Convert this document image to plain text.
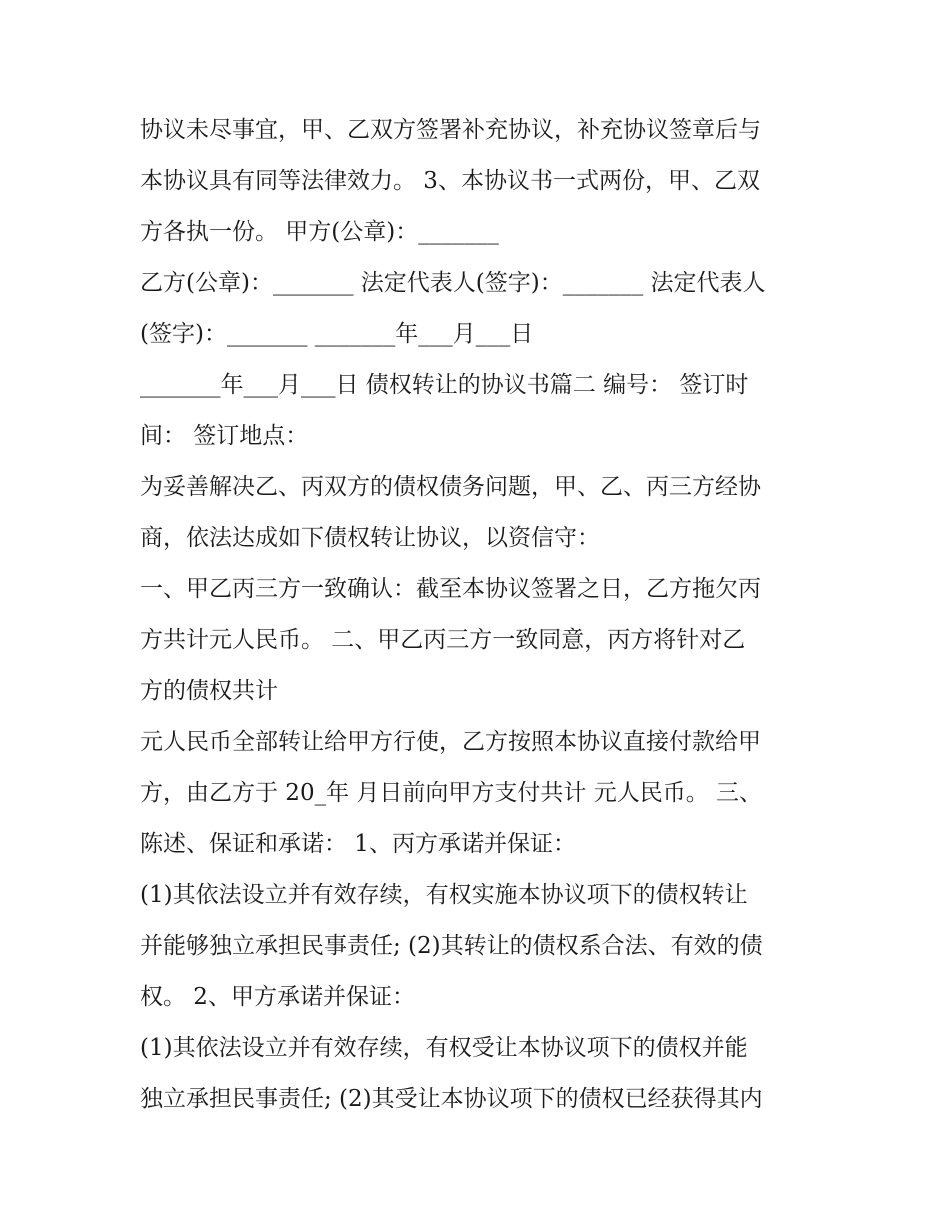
协议未尽事宜，甲、乙双方签署补充协议，补充协议签章后与
本协议具有同等法律效力。 3、本协议书一式两份，甲、乙双
方各执一份。 甲方(公章)：_______
乙方(公章)：_______ 法定代表人(签字)：_______ 法定代表人
(签字)：_______ _______年___月___日
_______年___月___日 债权转让的协议书篇二 编号： 签订时
间： 签订地点：
为妥善解决乙、丙双方的债权债务问题，甲、乙、丙三方经协
商，依法达成如下债权转让协议，以资信守：
一、甲乙丙三方一致确认：截至本协议签署之日，乙方拖欠丙
方共计元人民币。 二、甲乙丙三方一致同意，丙方将针对乙
方的债权共计
元人民币全部转让给甲方行使，乙方按照本协议直接付款给甲
方，由乙方于 20_年 月日前向甲方支付共计 元人民币。 三、
陈述、保证和承诺： 1、丙方承诺并保证：
(1)其依法设立并有效存续，有权实施本协议项下的债权转让
并能够独立承担民事责任; (2)其转让的债权系合法、有效的债
权。 2、甲方承诺并保证：
(1)其依法设立并有效存续，有权受让本协议项下的债权并能
独立承担民事责任; (2)其受让本协议项下的债权已经获得其内
